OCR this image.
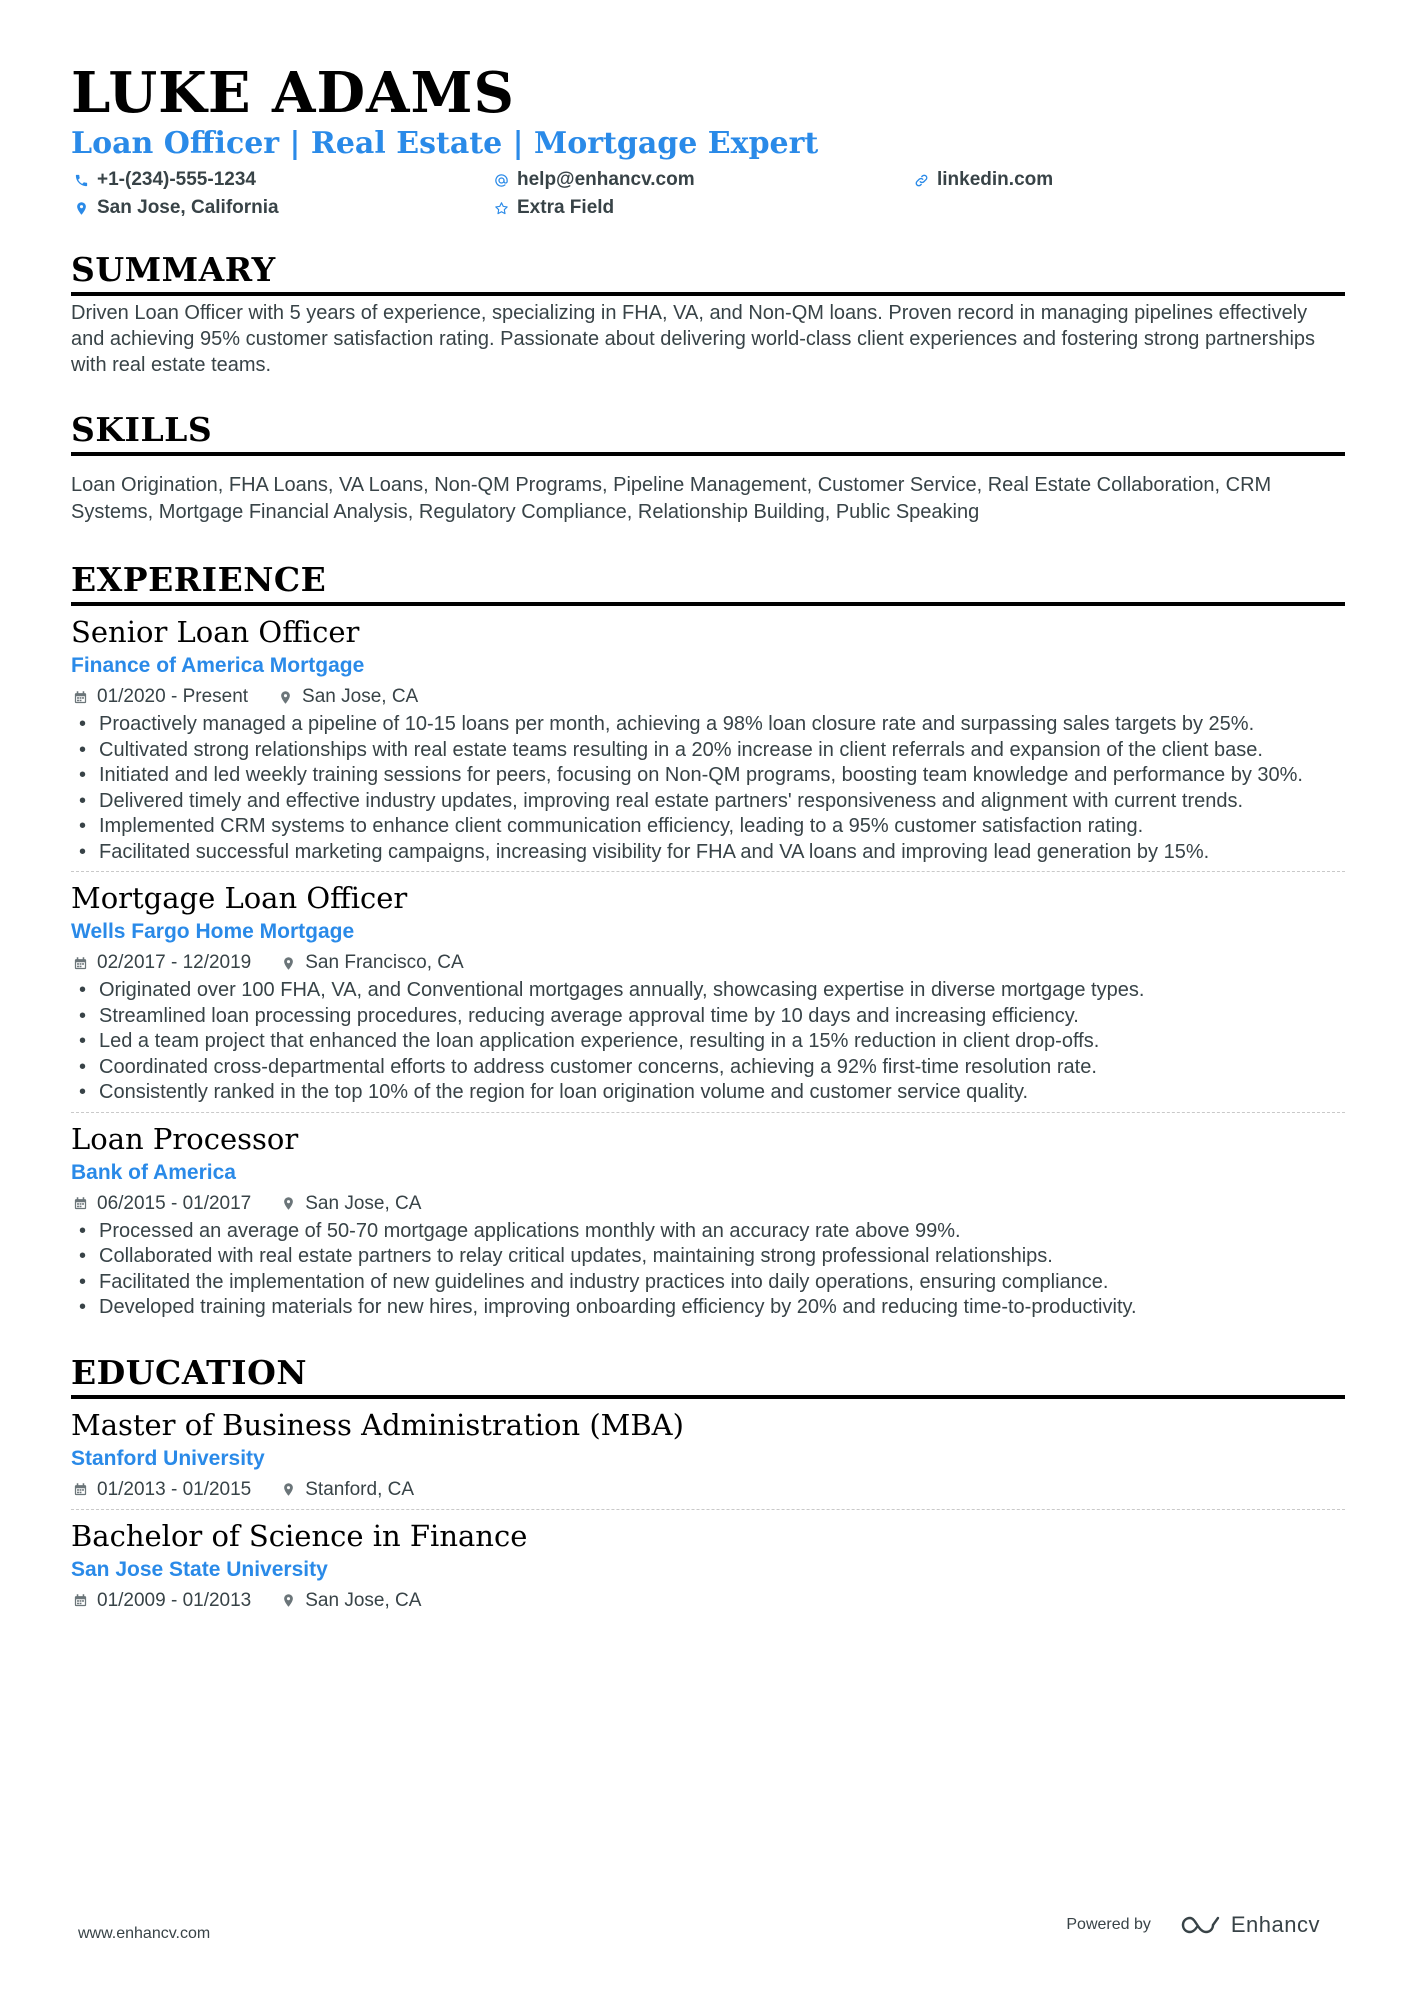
LUKE ADAMS
Loan Officer | Real Estate | Mortgage Expert
+1-(234)-555-1234	help@enhancv.com	linkedin.com
San Jose, California	Extra Field
SUMMARY

Driven Loan Officer with 5 years of experience, specializing in FHA, VA, and Non-QM loans. Proven record in managing pipelines effectively and achieving 95% customer satisfaction rating. Passionate about delivering world-class client experiences and fostering strong partnerships with real estate teams.

SKILLS

Loan Origination, FHA Loans, VA Loans, Non-QM Programs, Pipeline Management, Customer Service, Real Estate Collaboration, CRM Systems, Mortgage Financial Analysis, Regulatory Compliance, Relationship Building, Public Speaking

EXPERIENCE
Senior Loan Officer
Finance of America Mortgage
01/2020 - Present	San Jose, CA
• Proactively managed a pipeline of 10-15 loans per month, achieving a 98% loan closure rate and surpassing sales targets by 25%.
• Cultivated strong relationships with real estate teams resulting in a 20% increase in client referrals and expansion of the client base.
• Initiated and led weekly training sessions for peers, focusing on Non-QM programs, boosting team knowledge and performance by 30%.
• Delivered timely and effective industry updates, improving real estate partners' responsiveness and alignment with current trends.
• Implemented CRM systems to enhance client communication efficiency, leading to a 95% customer satisfaction rating.
• Facilitated successful marketing campaigns, increasing visibility for FHA and VA loans and improving lead generation by 15%.
Mortgage Loan Officer
Wells Fargo Home Mortgage
02/2017 - 12/2019	San Francisco, CA
• Originated over 100 FHA, VA, and Conventional mortgages annually, showcasing expertise in diverse mortgage types.
• Streamlined loan processing procedures, reducing average approval time by 10 days and increasing efficiency.
• Led a team project that enhanced the loan application experience, resulting in a 15% reduction in client drop-offs.
• Coordinated cross-departmental efforts to address customer concerns, achieving a 92% first-time resolution rate.
• Consistently ranked in the top 10% of the region for loan origination volume and customer service quality.
Loan Processor
Bank of America
06/2015 - 01/2017	San Jose, CA
• Processed an average of 50-70 mortgage applications monthly with an accuracy rate above 99%.
• Collaborated with real estate partners to relay critical updates, maintaining strong professional relationships.
• Facilitated the implementation of new guidelines and industry practices into daily operations, ensuring compliance.
• Developed training materials for new hires, improving onboarding efficiency by 20% and reducing time-to-productivity.
EDUCATION
Master of Business Administration (MBA)
Stanford University
01/2013 - 01/2015	Stanford, CA
Bachelor of Science in Finance
San Jose State University
01/2009 - 01/2013	San Jose, CA
www.enhancv.com
Powered by	Enhancv
